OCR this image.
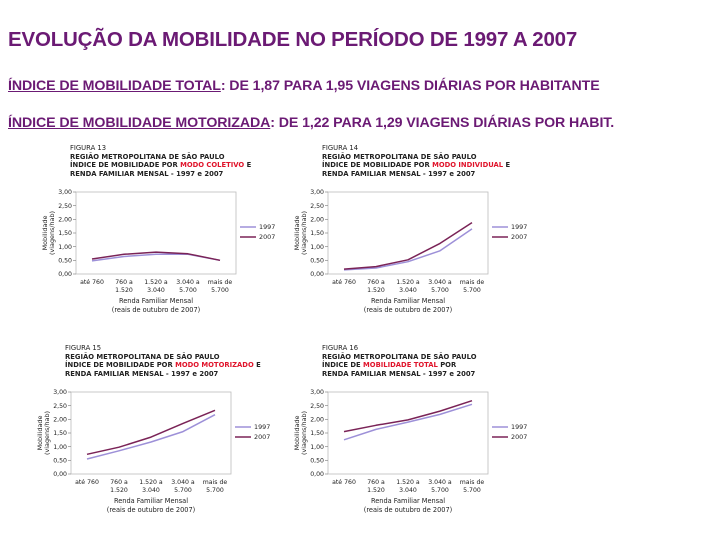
EVOLUÇÃO DA MOBILIDADE NO PERÍODO DE 1997 A 2007
ÍNDICE DE MOBILIDADE TOTAL: DE 1,87 PARA 1,95 VIAGENS DIÁRIAS POR HABITANTE
ÍNDICE DE MOBILIDADE MOTORIZADA: DE 1,22 PARA 1,29 VIAGENS DIÁRIAS POR HABIT.
FIGURA 13

REGIÃO METROPOLITANA DE SÃO PAULO
ÍNDICE DE MOBILIDADE POR MODO COLETIVO E
RENDA FAMILIAR MENSAL - 1997 e 2007
3,00
2,50
2,00
1,50
1,00
0,50
0,00
até 760 760 a
1.520
1.520 a
3.040
3.040 a
5.700
mais de
5.700
Renda Familiar Mensal
(reais de outubro de 2007)
Mobilidade (viagens/hab)	1997
2007
FIGURA 14

REGIÃO METROPOLITANA DE SÃO PAULO
ÍNDICE DE MOBILIDADE POR MODO INDIVIDUAL E
RENDA FAMILIAR MENSAL - 1997 e 2007
3,00
2,50
2,00
1,50
1,00
0,50
0,00
até 760 760 a
1.520
1.520 a
3.040
3.040 a
5.700
mais de
5.700
Renda Familiar Mensal
(reais de outubro de 2007)
Mobilidade (viagens/hab)	1997
2007
FIGURA 15

REGIÃO METROPOLITANA DE SÃO PAULO
ÍNDICE DE MOBILIDADE POR MODO MOTORIZADO E
RENDA FAMILIAR MENSAL - 1997 e 2007
3,00
2,50
2,00
1,50
1,00
0,50
0,00
até 760 760 a
1.520
1.520 a
3.040
3.040 a
5.700
mais de
5.700
Renda Familiar Mensal
(reais de outubro de 2007)
Mobilidade (viagens/hab)	1997
2007
FIGURA 16

REGIÃO METROPOLITANA DE SÃO PAULO
ÍNDICE DE MOBILIDADE TOTAL POR
RENDA FAMILIAR MENSAL - 1997 e 2007
3,00
2,50
2,00
1,50
1,00
0,50
0,00
até 760 760 a
1.520
1.520 a
3.040
3.040 a
5.700
mais de
5.700
Renda Familiar Mensal
(reais de outubro de 2007)
Mobilidade (viagens/hab)	1997
2007
